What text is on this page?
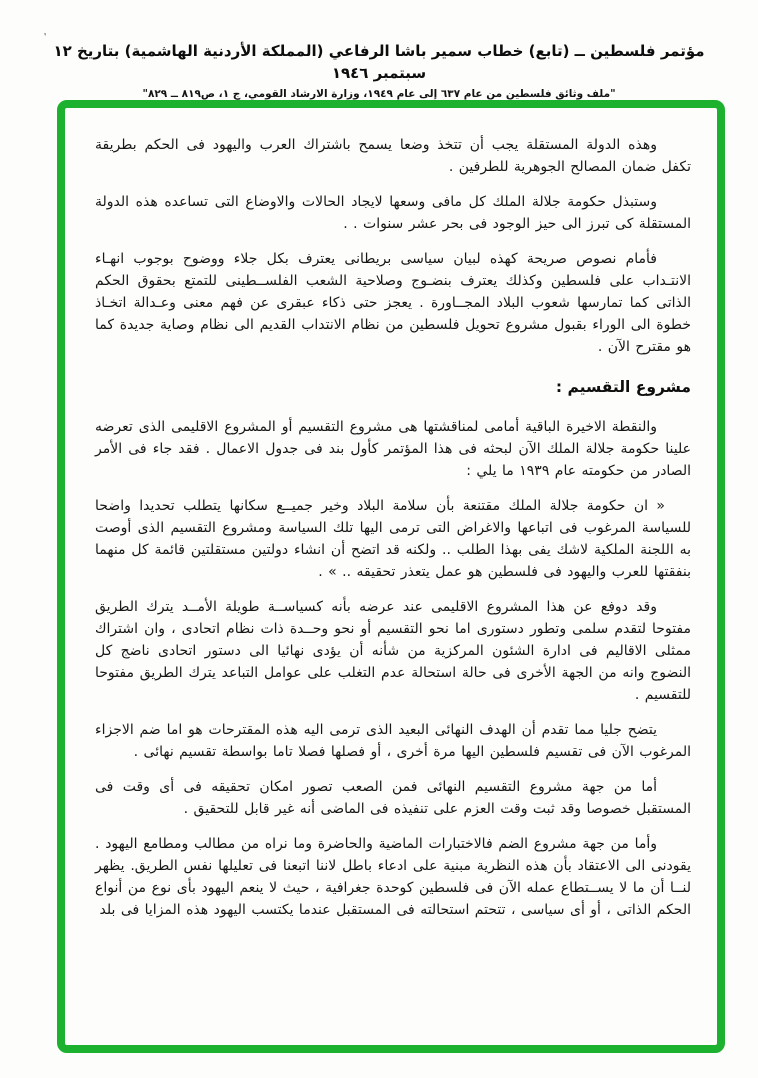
’
مؤتمر فلسطين ــ (تابع) خطاب سمير باشا الرفاعي (المملكة الأردنية الهاشمية) بتاريخ ١٢ سبتمبر ١٩٤٦
"ملف وثائق فلسطين من عام ٦٣٧ إلى عام ١٩٤٩، وزارة الارشاد القومي، ج ١، ص٨١٩ ــ ٨٢٩"

وهذه الدولة المستقلة يجب أن تتخذ وضعا يسمح باشتراك العرب واليهود فى الحكم بطريقة تكفل ضمان المصالح الجوهرية للطرفين .

وستبذل حكومة جلالة الملك كل مافى وسعها لايجاد الحالات والاوضاع التى تساعده هذه الدولة المستقلة كى تبرز الى حيز الوجود فى بحر عشر سنوات . .

فأمام نصوص صريحة كهذه لبيان سياسى بريطانى يعترف بكل جلاء ووضوح بوجوب انهـاء الانتـداب على فلسطين وكذلك يعترف بنضـوج وصلاحية الشعب الفلســطينى للتمتع بحقوق الحكم الذاتى كما تمارسها شعوب البلاد المجــاورة . يعجز حتى ذكاء عبقرى عن فهم معنى وعـدالة اتخـاذ خطوة الى الوراء بقبول مشروع تحويل فلسطين من نظام الانتداب القديم الى نظام وصاية جديدة كما هو مقترح الآن .

مشروع التقسيم :

والنقطة الاخيرة الباقية أمامى لمناقشتها هى مشروع التقسيم أو المشروع الاقليمى الذى تعرضه علينا حكومة جلالة الملك الآن لبحثه فى هذا المؤتمر كأول بند فى جدول الاعمال . فقد جاء فى الأمر الصادر من حكومته عام ١٩٣٩ ما يلي :

« ان حكومة جلالة الملك مقتنعة بأن سلامة البلاد وخير جميــع سكانها يتطلب تحديدا واضحا للسياسة المرغوب فى اتباعها والاغراض التى ترمى اليها تلك السياسة ومشروع التقسيم الذى أوصت به اللجنة الملكية لاشك يفى بهذا الطلب .. ولكنه قد اتضح أن انشاء دولتين مستقلتين قائمة كل منهما بنفقتها للعرب واليهود فى فلسطين هو عمل يتعذر تحقيقه .. » .

وقد دوفع عن هذا المشروع الاقليمى عند عرضه بأنه كسياســة طويلة الأمــد يترك الطريق مفتوحا لتقدم سلمى وتطور دستورى اما نحو التقسيم أو نحو وحــدة ذات نظام اتحادى ، وان اشتراك ممثلى الاقاليم فى ادارة الشئون المركزية من شأنه أن يؤدى نهائيا الى دستور اتحادى ناضج كل النضوج وانه من الجهة الأخرى فى حالة استحالة عدم التغلب على عوامل التباعد يترك الطريق مفتوحا للتقسيم .

يتضح جليا مما تقدم أن الهدف النهائى البعيد الذى ترمى اليه هذه المقترحات هو اما ضم الاجزاء المرغوب الآن فى تقسيم فلسطين اليها مرة أخرى ، أو فصلها فصلا تاما بواسطة تقسيم نهائى .

أما من جهة مشروع التقسيم النهائى فمن الصعب تصور امكان تحقيقه فى أى وقت فى المستقبل خصوصا وقد ثبت وقت العزم على تنفيذه فى الماضى أنه غير قابل للتحقيق .

وأما من جهة مشروع الضم فالاختبارات الماضية والحاضرة وما نراه من مطالب ومطامع اليهود . يقودنى الى الاعتقاد بأن هذه النظرية مبنية على ادعاء باطل لاننا اتبعنا فى تعليلها نفس الطريق. يظهر لنــا أن ما لا يســتطاع عمله الآن فى فلسطين كوحدة جغرافية ، حيث لا ينعم اليهود بأى نوع من أنواع الحكم الذاتى ، أو أى سياسى ، تتحتم استحالته فى المستقبل عندما يكتسب اليهود هذه المزايا فى بلد
